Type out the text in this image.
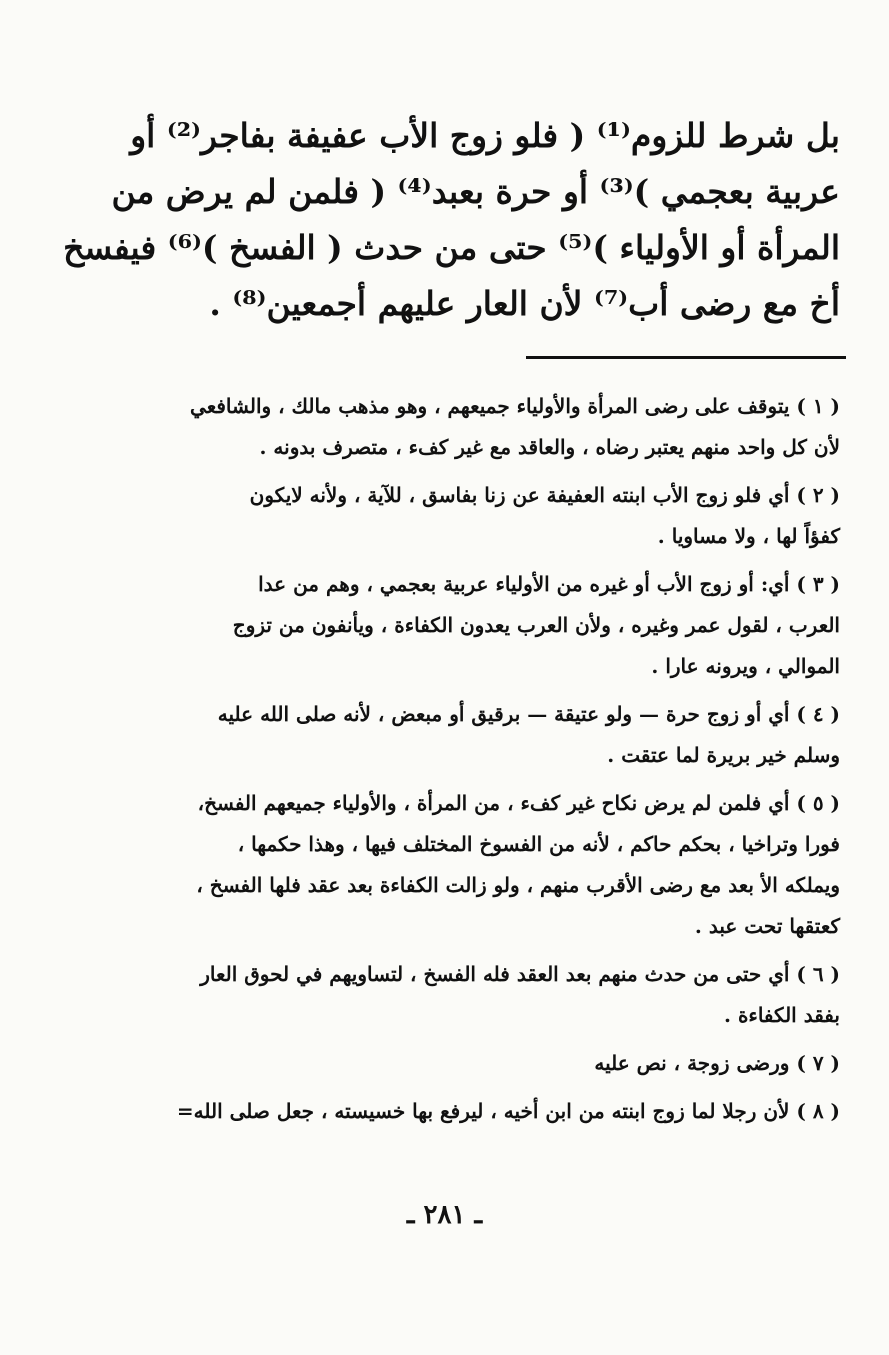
بل شرط للزوم⁽¹⁾ ( فلو زوج الأب عفيفة بفاجر⁽²⁾ أو
عربية بعجمي )⁽³⁾ أو حرة بعبد⁽⁴⁾ ( فلمن لم يرض من
المرأة أو الأولياء )⁽⁵⁾ حتى من حدث ( الفسخ )⁽⁶⁾ فيفسخ
أخ مع رضى أب⁽⁷⁾ لأن العار عليهم أجمعين⁽⁸⁾ .
( ١ ) يتوقف على رضى المرأة والأولياء جميعهم ، وهو مذهب مالك ، والشافعي
لأن كل واحد منهم يعتبر رضاه ، والعاقد مع غير كفء ، متصرف بدونه .
( ٢ ) أي فلو زوج الأب ابنته العفيفة عن زنا بفاسق ، للآية ، ولأنه لايكون
كفؤاً لها ، ولا مساويا .
( ٣ ) أي: أو زوج الأب أو غيره من الأولياء عربية بعجمي ، وهم من عدا
العرب ، لقول عمر وغيره ، ولأن العرب يعدون الكفاءة ، ويأنفون من تزوج
الموالي ، ويرونه عارا .
( ٤ ) أي أو زوج حرة — ولو عتيقة — برقيق أو مبعض ، لأنه صلى الله عليه
وسلم خير بريرة لما عتقت .
( ٥ ) أي فلمن لم يرض نكاح غير كفء ، من المرأة ، والأولياء جميعهم الفسخ،
فورا وتراخيا ، بحكم حاكم ، لأنه من الفسوخ المختلف فيها ، وهذا حكمها ،
ويملكه الأ بعد مع رضى الأقرب منهم ، ولو زالت الكفاءة بعد عقد فلها الفسخ ،
كعتقها تحت عبد .
( ٦ ) أي حتى من حدث منهم بعد العقد فله الفسخ ، لتساويهم في لحوق العار
بفقد الكفاءة .
( ٧ ) ورضى زوجة ، نص عليه
( ٨ ) لأن رجلا لما زوج ابنته من ابن أخيه ، ليرفع بها خسيسته ، جعل صلى الله=
ـ ٢٨١ ـ
